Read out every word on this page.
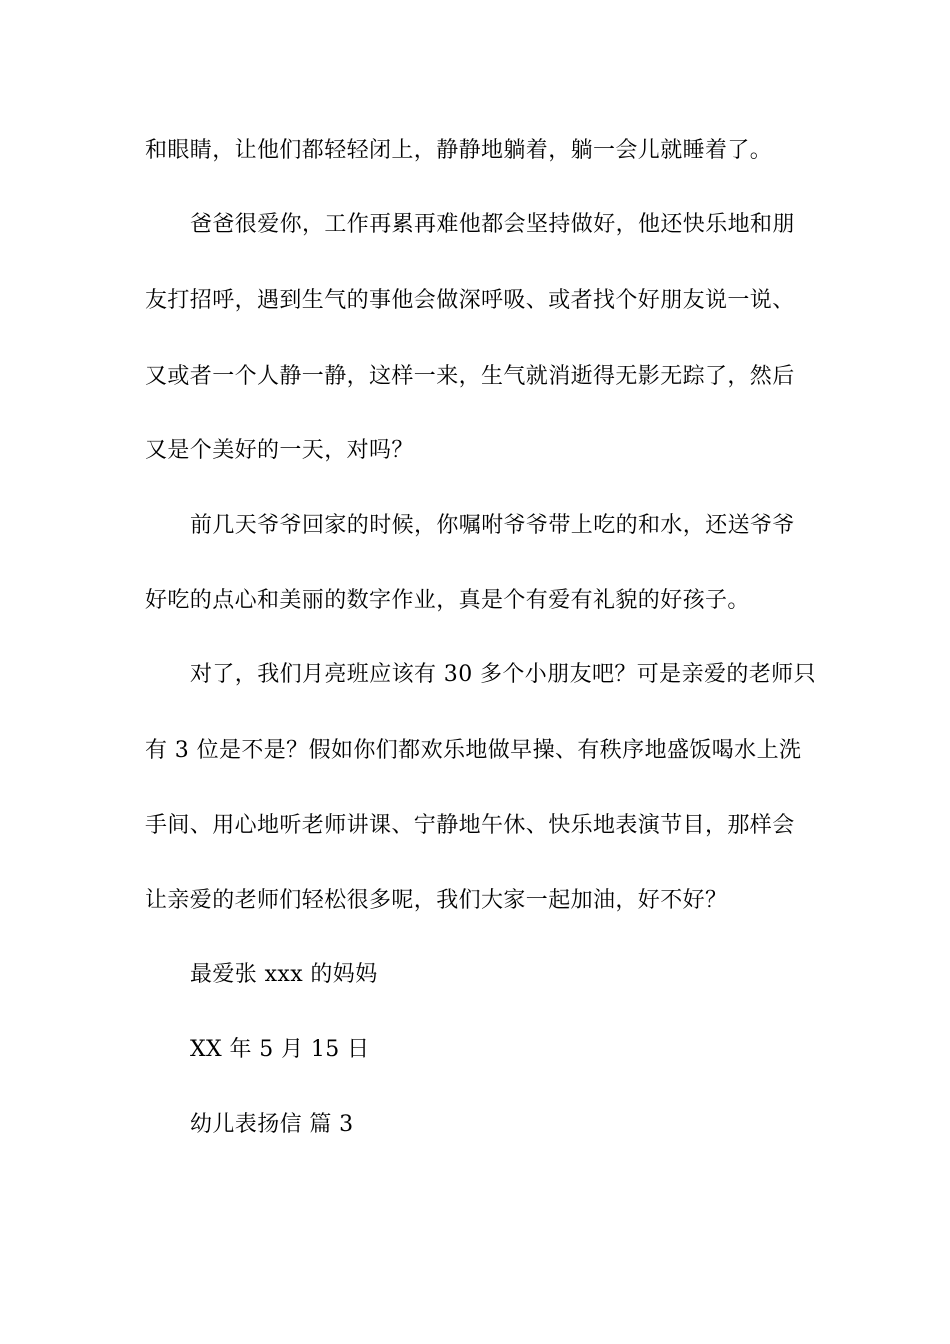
和眼睛，让他们都轻轻闭上，静静地躺着，躺一会儿就睡着了。
爸爸很爱你，工作再累再难他都会坚持做好，他还快乐地和朋
友打招呼，遇到生气的事他会做深呼吸、或者找个好朋友说一说、
又或者一个人静一静，这样一来，生气就消逝得无影无踪了，然后
又是个美好的一天，对吗？
前几天爷爷回家的时候，你嘱咐爷爷带上吃的和水，还送爷爷
好吃的点心和美丽的数字作业，真是个有爱有礼貌的好孩子。
对了，我们月亮班应该有 30 多个小朋友吧？可是亲爱的老师只
有 3 位是不是？假如你们都欢乐地做早操、有秩序地盛饭喝水上洗
手间、用心地听老师讲课、宁静地午休、快乐地表演节目，那样会
让亲爱的老师们轻松很多呢，我们大家一起加油，好不好？
最爱张 xxx 的妈妈
XX 年 5 月 15 日
幼儿表扬信 篇 3
